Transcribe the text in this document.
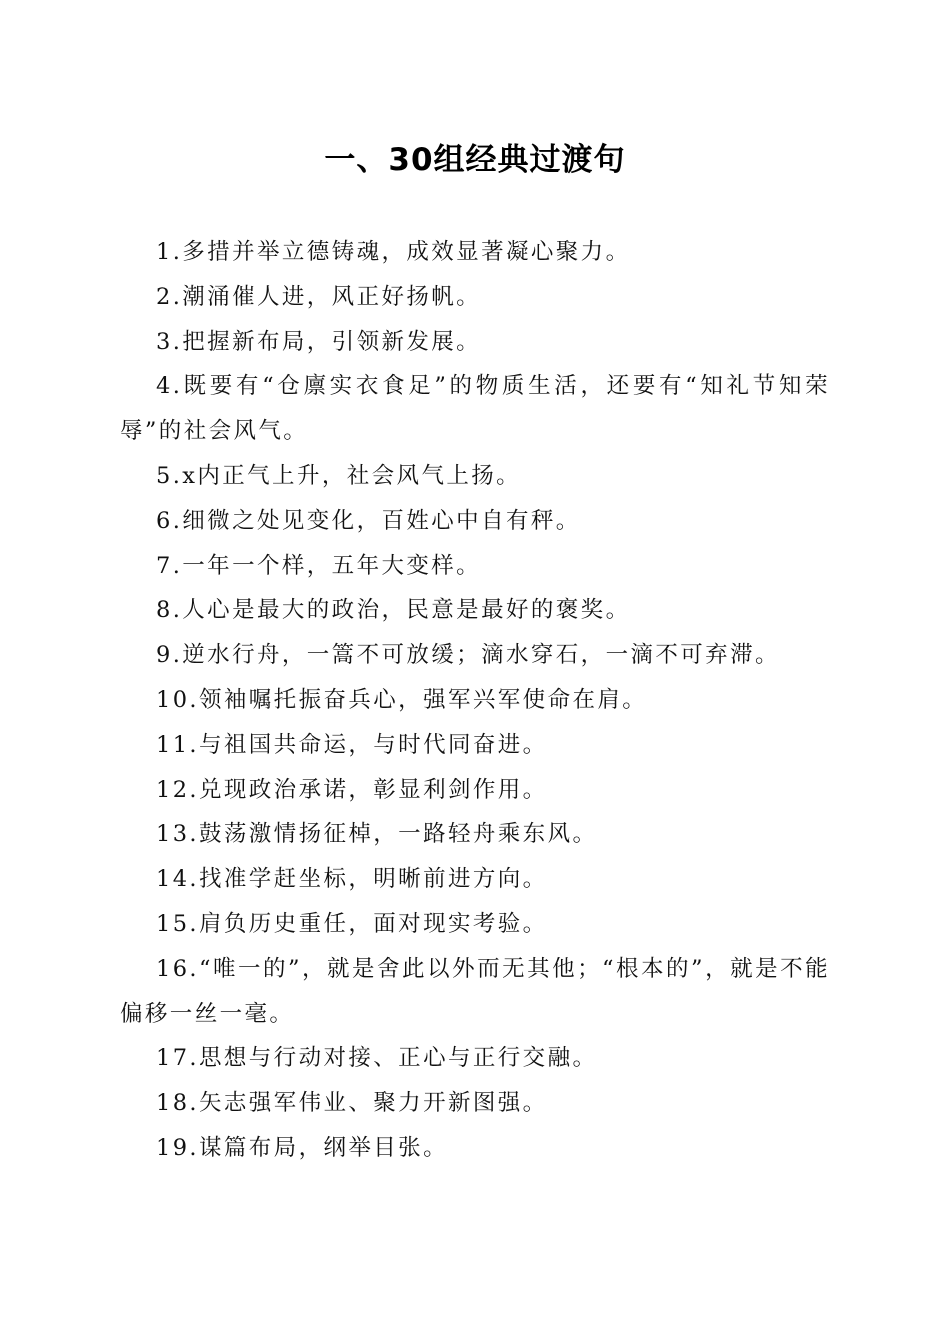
一、30组经典过渡句

1.多措并举立德铸魂，成效显著凝心聚力。

2.潮涌催人进，风正好扬帆。

3.把握新布局，引领新发展。

4.既要有“仓廪实衣食足”的物质生活，还要有“知礼节知荣辱”的社会风气。

5.x内正气上升，社会风气上扬。

6.细微之处见变化，百姓心中自有秤。

7.一年一个样，五年大变样。

8.人心是最大的政治，民意是最好的褒奖。

9.逆水行舟，一篙不可放缓；滴水穿石，一滴不可弃滞。

10.领袖嘱托振奋兵心，强军兴军使命在肩。

11.与祖国共命运，与时代同奋进。

12.兑现政治承诺，彰显利剑作用。

13.鼓荡激情扬征棹，一路轻舟乘东风。

14.找准学赶坐标，明晰前进方向。

15.肩负历史重任，面对现实考验。

16.“唯一的”，就是舍此以外而无其他；“根本的”，就是不能偏移一丝一毫。

17.思想与行动对接、正心与正行交融。

18.矢志强军伟业、聚力开新图强。

19.谋篇布局，纲举目张。
